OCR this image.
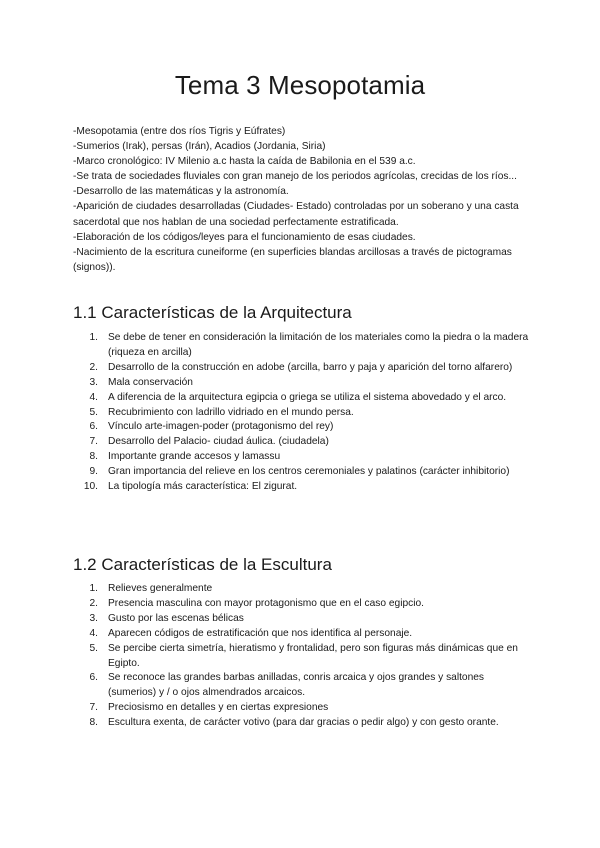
Tema 3 Mesopotamia

-Mesopotamia (entre dos ríos Tigris y Eúfrates)

-Sumerios (Irak), persas (Irán), Acadios (Jordania, Siria)

-Marco cronológico: IV Milenio a.c hasta la caída de Babilonia en el 539 a.c.

-Se trata de sociedades fluviales con gran manejo de los periodos agrícolas, crecidas de los ríos...

-Desarrollo de las matemáticas y la astronomía.

-Aparición de ciudades desarrolladas (Ciudades- Estado) controladas por un soberano y una casta sacerdotal que nos hablan de una sociedad perfectamente estratificada.

-Elaboración de los códigos/leyes para el funcionamiento de esas ciudades.

-Nacimiento de la escritura cuneiforme (en superficies blandas arcillosas a través de pictogramas (signos)).

1.1 Características de la Arquitectura
1. Se debe de tener en consideración la limitación de los materiales como la piedra o la madera (riqueza en arcilla)
2. Desarrollo de la construcción en adobe (arcilla, barro y paja y aparición del torno alfarero)
3. Mala conservación
4. A diferencia de la arquitectura egipcia o griega se utiliza el sistema abovedado y el arco.
5. Recubrimiento con ladrillo vidriado en el mundo persa.
6. Vínculo arte-imagen-poder (protagonismo del rey)
7. Desarrollo del Palacio- ciudad áulica. (ciudadela)
8. Importante grande accesos y lamassu
9. Gran importancia del relieve en los centros ceremoniales y palatinos (carácter inhibitorio)
10. La tipología más característica: El zigurat.
1.2 Características de la Escultura
1. Relieves generalmente
2. Presencia masculina con mayor protagonismo que en el caso egipcio.
3. Gusto por las escenas bélicas
4. Aparecen códigos de estratificación que nos identifica al personaje.
5. Se percibe cierta simetría, hieratismo y frontalidad, pero son figuras más dinámicas que en Egipto.
6. Se reconoce las grandes barbas anilladas, conris arcaica y ojos grandes y saltones (sumerios) y / o ojos almendrados arcaicos.
7. Preciosismo en detalles y en ciertas expresiones
8. Escultura exenta, de carácter votivo (para dar gracias o pedir algo) y con gesto orante.
